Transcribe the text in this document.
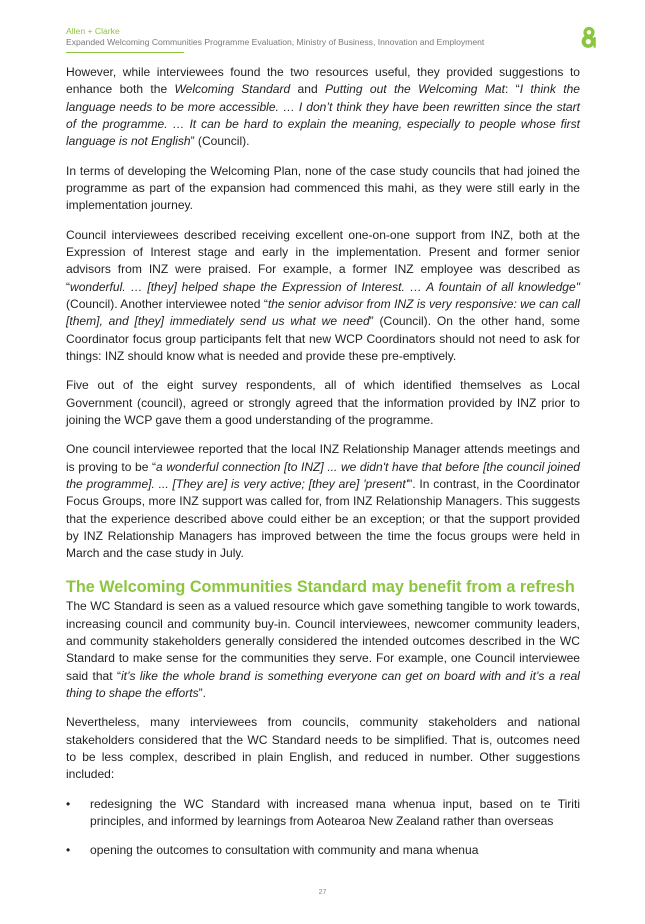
Allen + Clarke
Expanded Welcoming Communities Programme Evaluation, Ministry of Business, Innovation and Employment

However, while interviewees found the two resources useful, they provided suggestions to enhance both the Welcoming Standard and Putting out the Welcoming Mat: “I think the language needs to be more accessible. … I don’t think they have been rewritten since the start of the programme. … It can be hard to explain the meaning, especially to people whose first language is not English” (Council).

In terms of developing the Welcoming Plan, none of the case study councils that had joined the programme as part of the expansion had commenced this mahi, as they were still early in the implementation journey.

Council interviewees described receiving excellent one-on-one support from INZ, both at the Expression of Interest stage and early in the implementation. Present and former senior advisors from INZ were praised. For example, a former INZ employee was described as “wonderful. … [they] helped shape the Expression of Interest. … A fountain of all knowledge" (Council). Another interviewee noted “the senior advisor from INZ is very responsive: we can call [them], and [they] immediately send us what we need” (Council). On the other hand, some Coordinator focus group participants felt that new WCP Coordinators should not need to ask for things: INZ should know what is needed and provide these pre-emptively.

Five out of the eight survey respondents, all of which identified themselves as Local Government (council), agreed or strongly agreed that the information provided by INZ prior to joining the WCP gave them a good understanding of the programme.

One council interviewee reported that the local INZ Relationship Manager attends meetings and is proving to be “a wonderful connection [to INZ] ... we didn't have that before [the council joined the programme]. ... [They are] is very active; [they are] 'present'". In contrast, in the Coordinator Focus Groups, more INZ support was called for, from INZ Relationship Managers. This suggests that the experience described above could either be an exception; or that the support provided by INZ Relationship Managers has improved between the time the focus groups were held in March and the case study in July.

The Welcoming Communities Standard may benefit from a refresh

The WC Standard is seen as a valued resource which gave something tangible to work towards, increasing council and community buy-in. Council interviewees, newcomer community leaders, and community stakeholders generally considered the intended outcomes described in the WC Standard to make sense for the communities they serve. For example, one Council interviewee said that “it’s like the whole brand is something everyone can get on board with and it’s a real thing to shape the efforts”.

Nevertheless, many interviewees from councils, community stakeholders and national stakeholders considered that the WC Standard needs to be simplified. That is, outcomes need to be less complex, described in plain English, and reduced in number. Other suggestions included:

• redesigning the WC Standard with increased mana whenua input, based on te Tiriti principles, and informed by learnings from Aotearoa New Zealand rather than overseas
• opening the outcomes to consultation with community and mana whenua
27
